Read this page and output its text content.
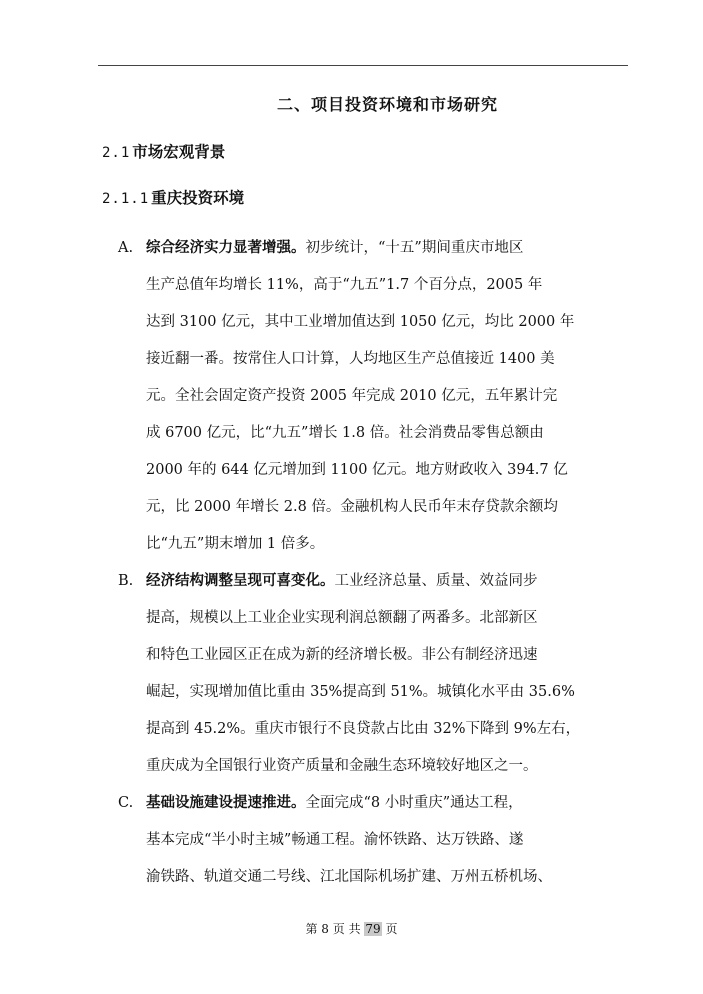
二、项目投资环境和市场研究
2.1 市场宏观背景
2.1.1 重庆投资环境
A. 综合经济实力显著增强。初步统计，“十五”期间重庆市地区
生产总值年均增长 11%，高于“九五”1.7 个百分点，2005 年
达到 3100 亿元，其中工业增加值达到 1050 亿元，均比 2000 年
接近翻一番。按常住人口计算，人均地区生产总值接近 1400 美
元。全社会固定资产投资 2005 年完成 2010 亿元，五年累计完
成 6700 亿元，比“九五”增长 1.8 倍。社会消费品零售总额由
2000 年的 644 亿元增加到 1100 亿元。地方财政收入 394.7 亿
元，比 2000 年增长 2.8 倍。金融机构人民币年末存贷款余额均
比“九五”期末增加 1 倍多。
B. 经济结构调整呈现可喜变化。工业经济总量、质量、效益同步
提高，规模以上工业企业实现利润总额翻了两番多。北部新区
和特色工业园区正在成为新的经济增长极。非公有制经济迅速
崛起，实现增加值比重由 35%提高到 51%。城镇化水平由 35.6%
提高到 45.2%。重庆市银行不良贷款占比由 32%下降到 9%左右，
重庆成为全国银行业资产质量和金融生态环境较好地区之一。
C. 基础设施建设提速推进。全面完成“8 小时重庆”通达工程，
基本完成“半小时主城”畅通工程。渝怀铁路、达万铁路、遂
渝铁路、轨道交通二号线、江北国际机场扩建、万州五桥机场、
第 8 页 共 79 页
